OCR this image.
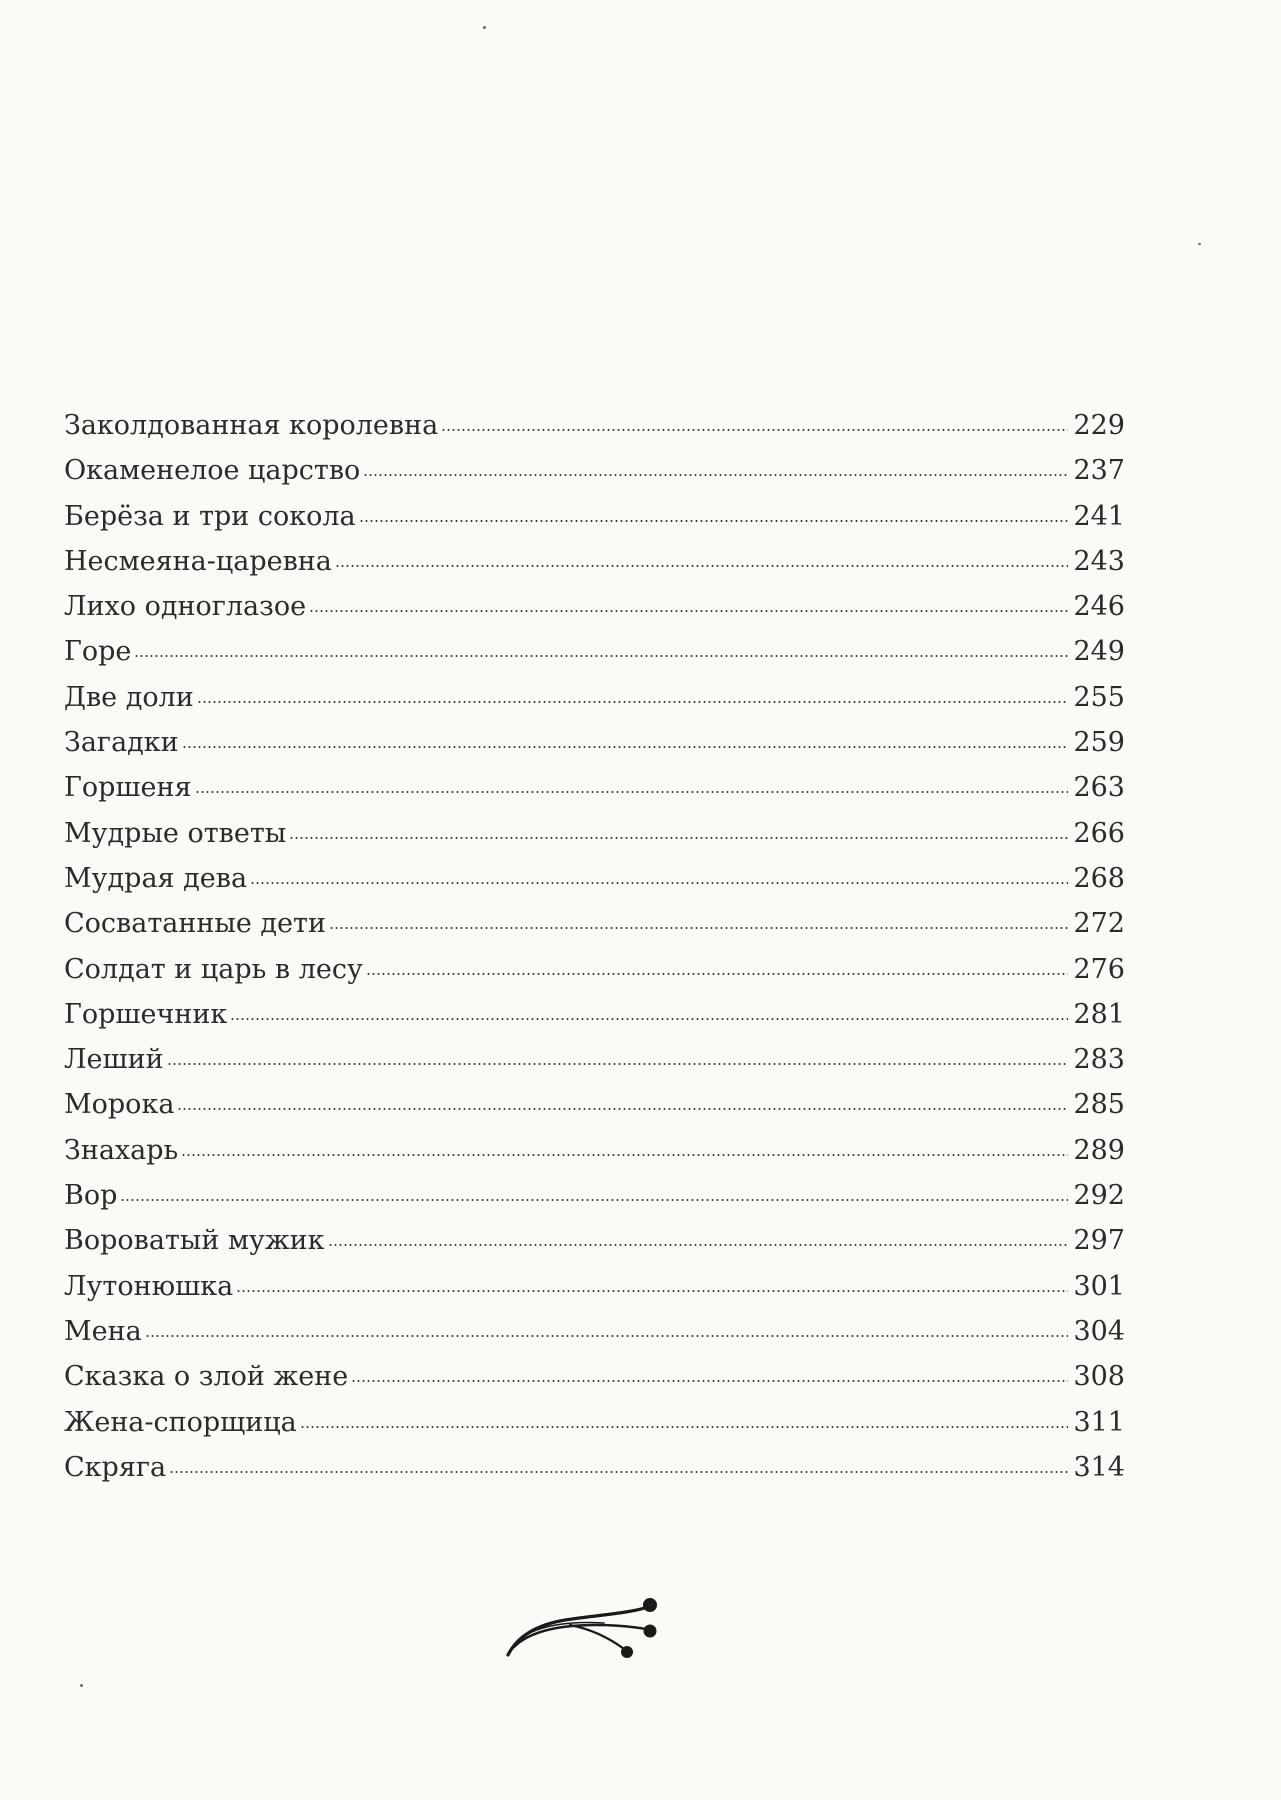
Заколдованная королевна	229
Окаменелое царство	237
Берёза и три сокола	241
Несмеяна-царевна	243
Лихо одноглазое	246
Горе	249
Две доли	255
Загадки	259
Горшеня	263
Мудрые ответы	266
Мудрая дева	268
Сосватанные дети	272
Солдат и царь в лесу	276
Горшечник	281
Леший	283
Морока	285
Знахарь	289
Вор	292
Вороватый мужик	297
Лутонюшка	301
Мена	304
Сказка о злой жене	308
Жена-спорщица	311
Скряга	314
